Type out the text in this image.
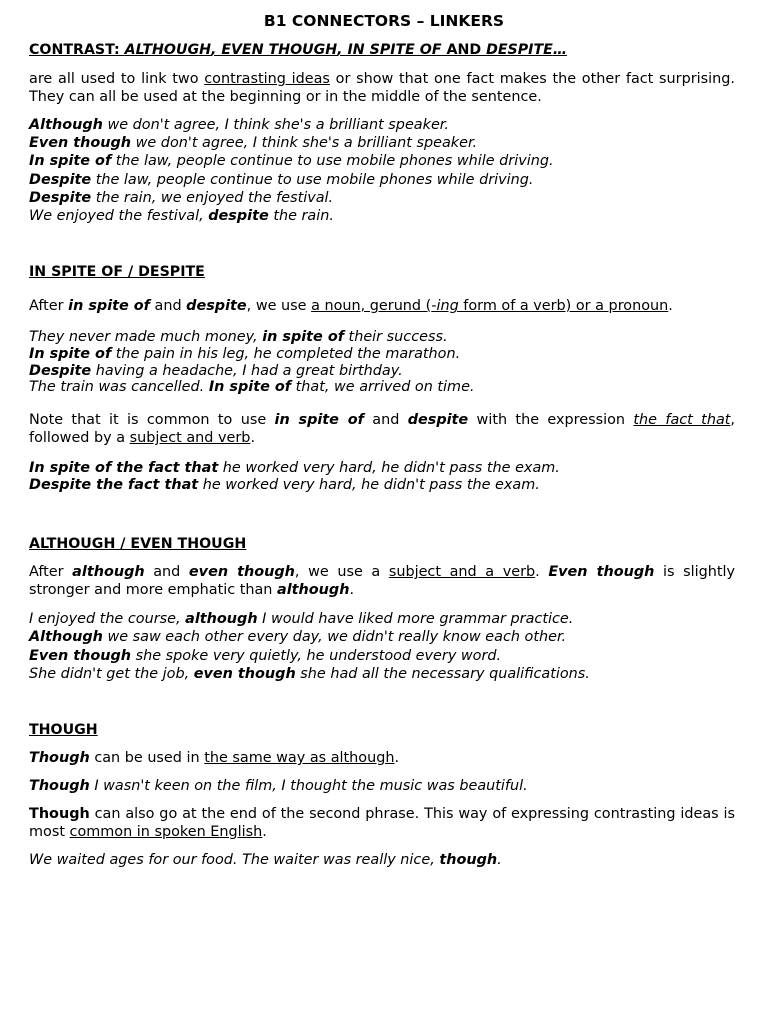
B1 CONNECTORS – LINKERS
CONTRAST: ALTHOUGH, EVEN THOUGH, IN SPITE OF AND DESPITE…
are all used to link two contrasting ideas or show that one fact makes the other fact surprising. They can all be used at the beginning or in the middle of the sentence.
Although we don't agree, I think she's a brilliant speaker.
Even though we don't agree, I think she's a brilliant speaker.
In spite of the law, people continue to use mobile phones while driving.
Despite the law, people continue to use mobile phones while driving.
Despite the rain, we enjoyed the festival.
We enjoyed the festival, despite the rain.
IN SPITE OF / DESPITE
After in spite of and despite, we use a noun, gerund (-ing form of a verb) or a pronoun.
They never made much money, in spite of their success.
In spite of the pain in his leg, he completed the marathon.
Despite having a headache, I had a great birthday.
The train was cancelled. In spite of that, we arrived on time.
Note that it is common to use in spite of and despite with the expression the fact that, followed by a subject and verb.
In spite of the fact that he worked very hard, he didn't pass the exam.
Despite the fact that he worked very hard, he didn't pass the exam.
ALTHOUGH / EVEN THOUGH
After although and even though, we use a subject and a verb. Even though is slightly stronger and more emphatic than although.
I enjoyed the course, although I would have liked more grammar practice.
Although we saw each other every day, we didn't really know each other.
Even though she spoke very quietly, he understood every word.
She didn't get the job, even though she had all the necessary qualifications.
THOUGH
Though can be used in the same way as although.
Though I wasn't keen on the film, I thought the music was beautiful.
Though can also go at the end of the second phrase. This way of expressing contrasting ideas is most common in spoken English.
We waited ages for our food. The waiter was really nice, though.
